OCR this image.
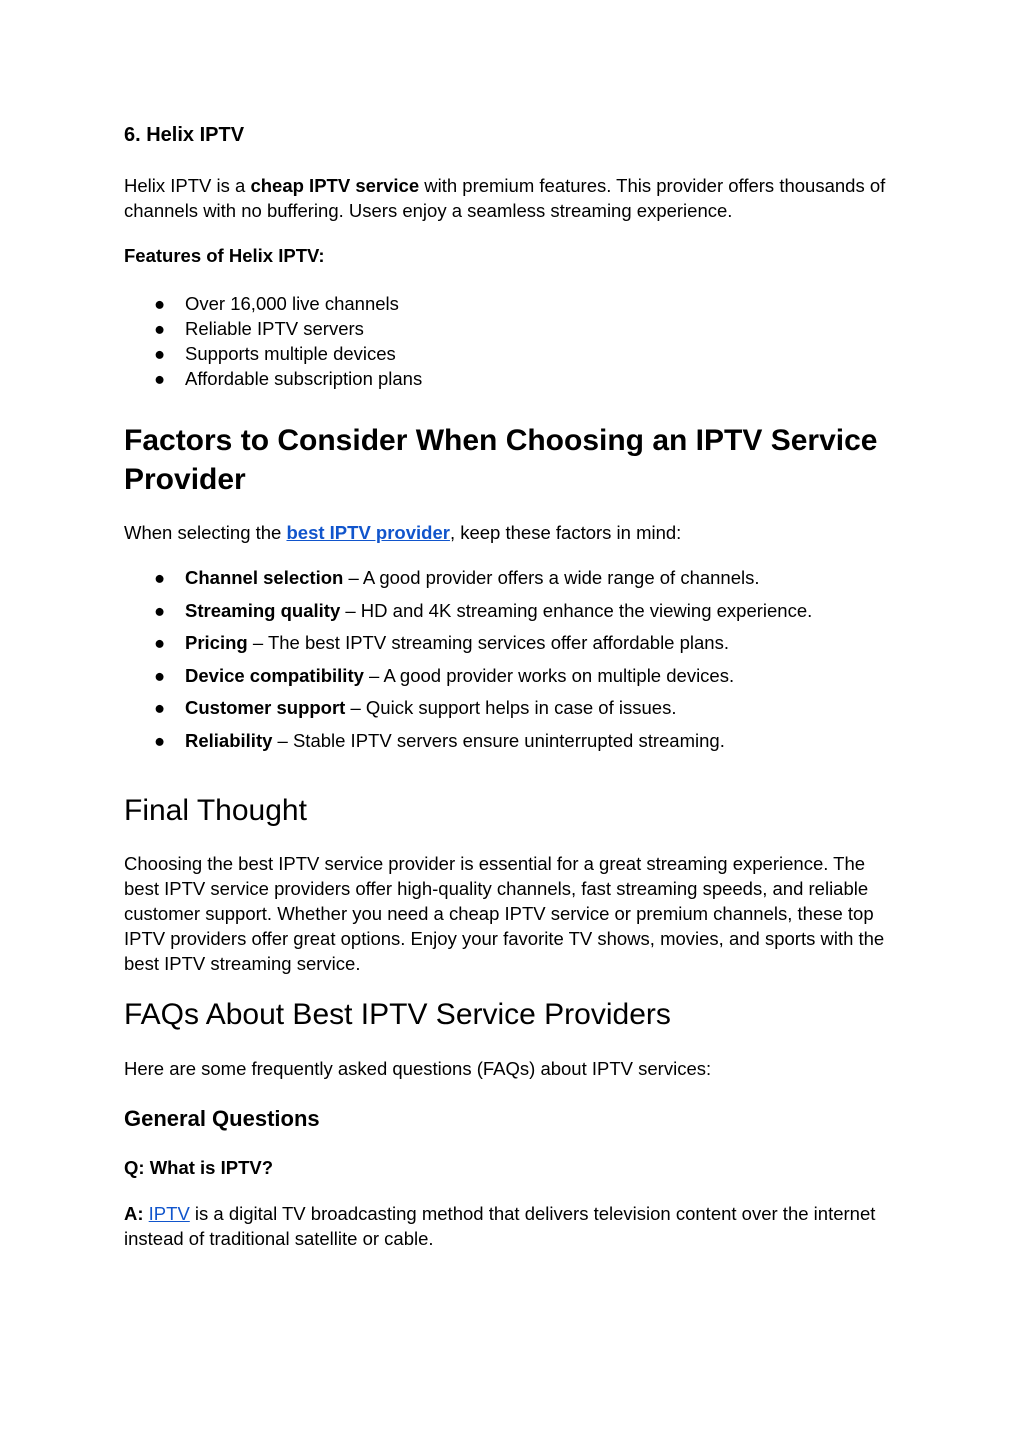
6. Helix IPTV

Helix IPTV is a cheap IPTV service with premium features. This provider offers thousands of channels with no buffering. Users enjoy a seamless streaming experience.

Features of Helix IPTV:

● Over 16,000 live channels
● Reliable IPTV servers
● Supports multiple devices
● Affordable subscription plans
Factors to Consider When Choosing an IPTV Service Provider

When selecting the best IPTV provider, keep these factors in mind:

● Channel selection – A good provider offers a wide range of channels.
● Streaming quality – HD and 4K streaming enhance the viewing experience.
● Pricing – The best IPTV streaming services offer affordable plans.
● Device compatibility – A good provider works on multiple devices.
● Customer support – Quick support helps in case of issues.
● Reliability – Stable IPTV servers ensure uninterrupted streaming.
Final Thought

Choosing the best IPTV service provider is essential for a great streaming experience. The best IPTV service providers offer high-quality channels, fast streaming speeds, and reliable customer support. Whether you need a cheap IPTV service or premium channels, these top IPTV providers offer great options. Enjoy your favorite TV shows, movies, and sports with the best IPTV streaming service.

FAQs About Best IPTV Service Providers

Here are some frequently asked questions (FAQs) about IPTV services:

General Questions

Q: What is IPTV?

A: IPTV is a digital TV broadcasting method that delivers television content over the internet instead of traditional satellite or cable.
